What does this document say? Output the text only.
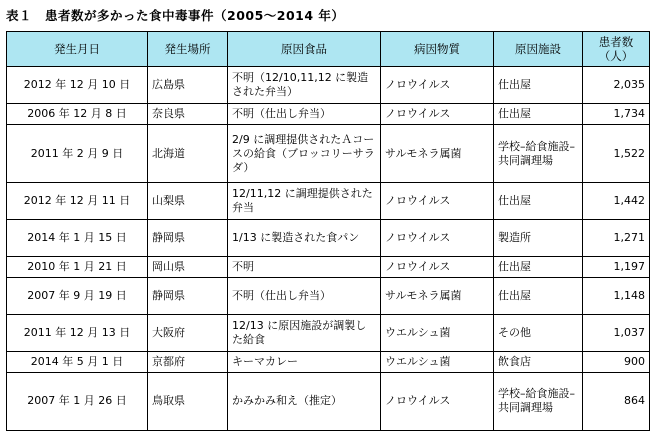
表１　患者数が多かった食中毒事件（2005～2014 年）
発生月日	発生場所	原因食品	病因物質	原因施設	患者数
（人）
2012 年 12 月 10 日	広島県	不明（12/10,11,12 に製造された弁当）	ノロウイルス	仕出屋	2,035
2006 年 12 月 8 日	奈良県	不明（仕出し弁当）	ノロウイルス	仕出屋	1,734
2011 年 2 月 9 日	北海道	2/9 に調理提供されたＡコースの給食（ブロッコリーサラダ）	サルモネラ属菌	学校–給食施設–共同調理場	1,522
2012 年 12 月 11 日	山梨県	12/11,12 に調理提供された弁当	ノロウイルス	仕出屋	1,442
2014 年 1 月 15 日	静岡県	1/13 に製造された食パン	ノロウイルス	製造所	1,271
2010 年 1 月 21 日	岡山県	不明	ノロウイルス	仕出屋	1,197
2007 年 9 月 19 日	静岡県	不明（仕出し弁当）	サルモネラ属菌	仕出屋	1,148
2011 年 12 月 13 日	大阪府	12/13 に原因施設が調製した給食	ウエルシュ菌	その他	1,037
2014 年 5 月 1 日	京都府	キーマカレー	ウエルシュ菌	飲食店	900
2007 年 1 月 26 日	鳥取県	かみかみ和え（推定）	ノロウイルス	学校–給食施設–共同調理場	864
